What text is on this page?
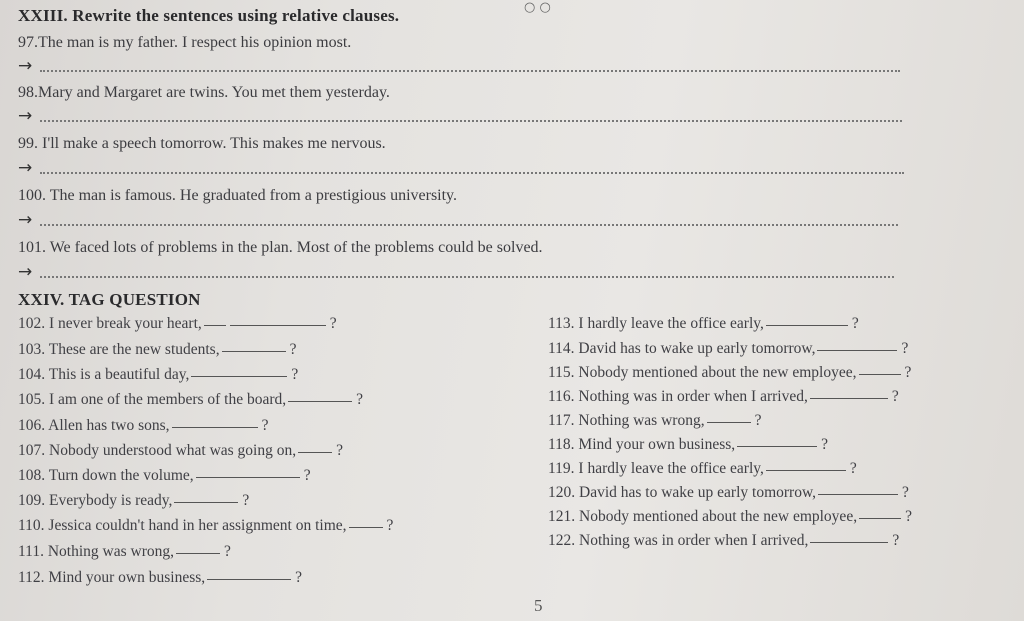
○ ○
XXIII. Rewrite the sentences using relative clauses.
97.The man is my father. I respect his opinion most.
→
98.Mary and Margaret are twins. You met them yesterday.
→
99. I'll make a speech tomorrow. This makes me nervous.
→
100. The man is famous. He graduated from a prestigious university.
→
101. We faced lots of problems in the plan. Most of the problems could be solved.
→
XXIV. TAG QUESTION
102. I never break your heart,	?
103. These are the new students,	?
104. This is a beautiful day,	?
105. I am one of the members of the board,	?
106. Allen has two sons,	?
107. Nobody understood what was going on,	?
108. Turn down the volume,	?
109. Everybody is ready,	?
110. Jessica couldn't hand in her assignment on time,	?
111. Nothing was wrong,	?
112. Mind your own business,	?
113. I hardly leave the office early,	?
114. David has to wake up early tomorrow,	?
115. Nobody mentioned about the new employee,	?
116. Nothing was in order when I arrived,	?
117. Nothing was wrong,	?
118. Mind your own business,	?
119. I hardly leave the office early,	?
120. David has to wake up early tomorrow,	?
121. Nobody mentioned about the new employee,	?
122. Nothing was in order when I arrived,	?
5
